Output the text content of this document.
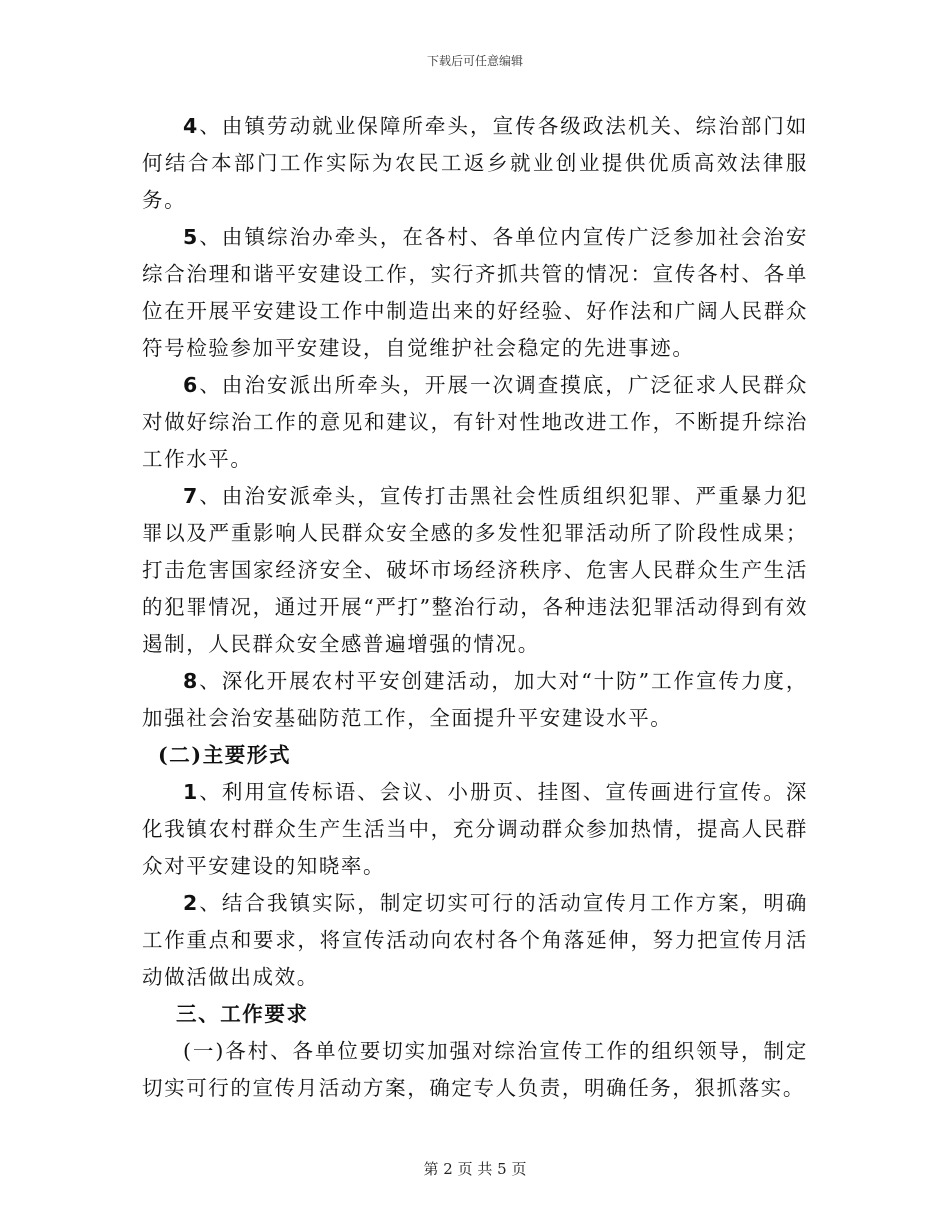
下载后可任意编辑

4、由镇劳动就业保障所牵头，宣传各级政法机关、综治部门如何结合本部门工作实际为农民工返乡就业创业提供优质高效法律服务。

5、由镇综治办牵头，在各村、各单位内宣传广泛参加社会治安综合治理和谐平安建设工作，实行齐抓共管的情况：宣传各村、各单位在开展平安建设工作中制造出来的好经验、好作法和广阔人民群众符号检验参加平安建设，自觉维护社会稳定的先进事迹。

6、由治安派出所牵头，开展一次调查摸底，广泛征求人民群众对做好综治工作的意见和建议，有针对性地改进工作，不断提升综治工作水平。

7、由治安派牵头，宣传打击黑社会性质组织犯罪、严重暴力犯罪以及严重影响人民群众安全感的多发性犯罪活动所了阶段性成果；打击危害国家经济安全、破坏市场经济秩序、危害人民群众生产生活的犯罪情况，通过开展“严打”整治行动，各种违法犯罪活动得到有效遏制，人民群众安全感普遍增强的情况。

8、深化开展农村平安创建活动，加大对“十防”工作宣传力度，加强社会治安基础防范工作，全面提升平安建设水平。

(二)主要形式

1、利用宣传标语、会议、小册页、挂图、宣传画进行宣传。深化我镇农村群众生产生活当中，充分调动群众参加热情，提高人民群众对平安建设的知晓率。

2、结合我镇实际，制定切实可行的活动宣传月工作方案，明确工作重点和要求，将宣传活动向农村各个角落延伸，努力把宣传月活动做活做出成效。

三、工作要求

(一)各村、各单位要切实加强对综治宣传工作的组织领导，制定切实可行的宣传月活动方案，确定专人负责，明确任务，狠抓落实。

第 2 页 共 5 页
